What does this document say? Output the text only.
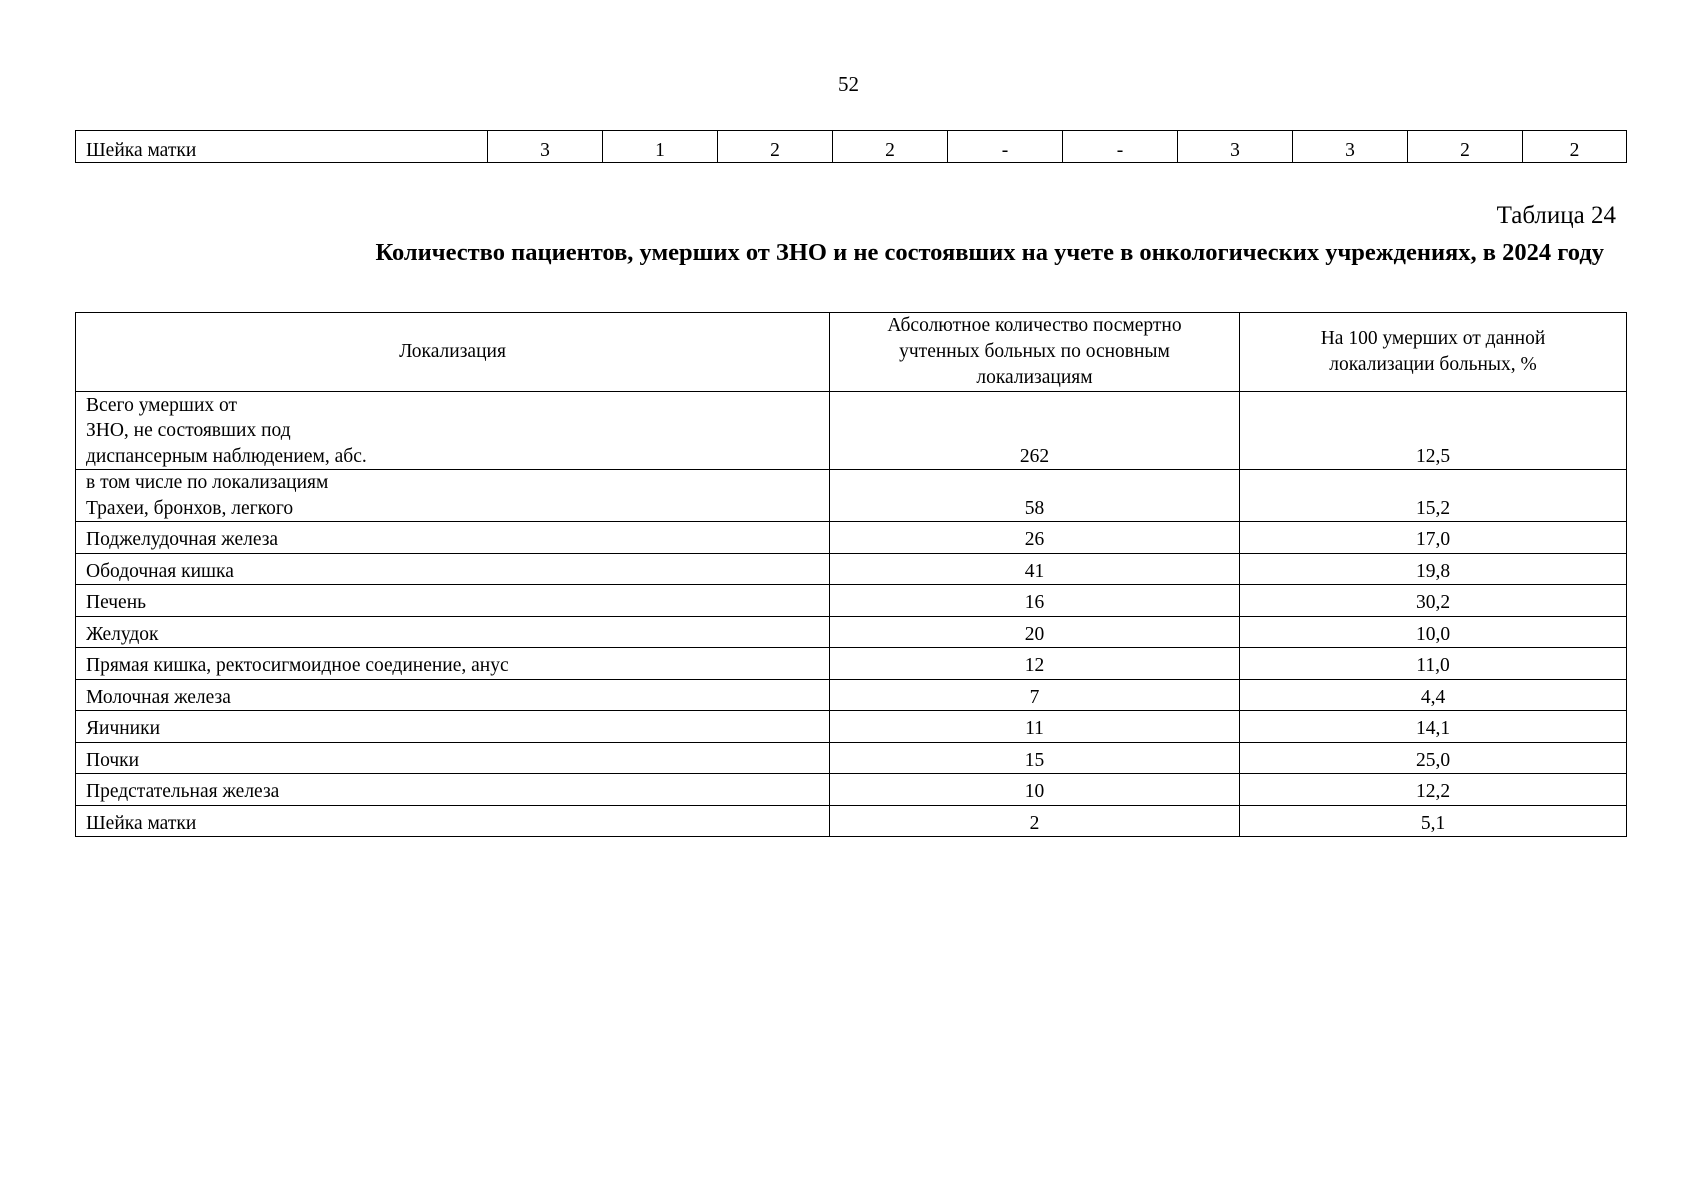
52
Шейка матки	3	1	2	2	-	-	3	3	2	2
Таблица 24
Количество пациентов, умерших от ЗНО и не состоявших на учете в онкологических учреждениях, в 2024 году
Локализация	Абсолютное количество посмертно учтенных больных по основным локализациям	На 100 умерших от данной локализации больных, %
Всего умерших от
ЗНО, не состоявших под
диспансерным наблюдением, абс.	262	12,5
в том числе по локализациям
Трахеи, бронхов, легкого	58	15,2
Поджелудочная железа	26	17,0
Ободочная кишка	41	19,8
Печень	16	30,2
Желудок	20	10,0
Прямая кишка, ректосигмоидное соединение, анус	12	11,0
Молочная железа	7	4,4
Яичники	11	14,1
Почки	15	25,0
Предстательная железа	10	12,2
Шейка матки	2	5,1
